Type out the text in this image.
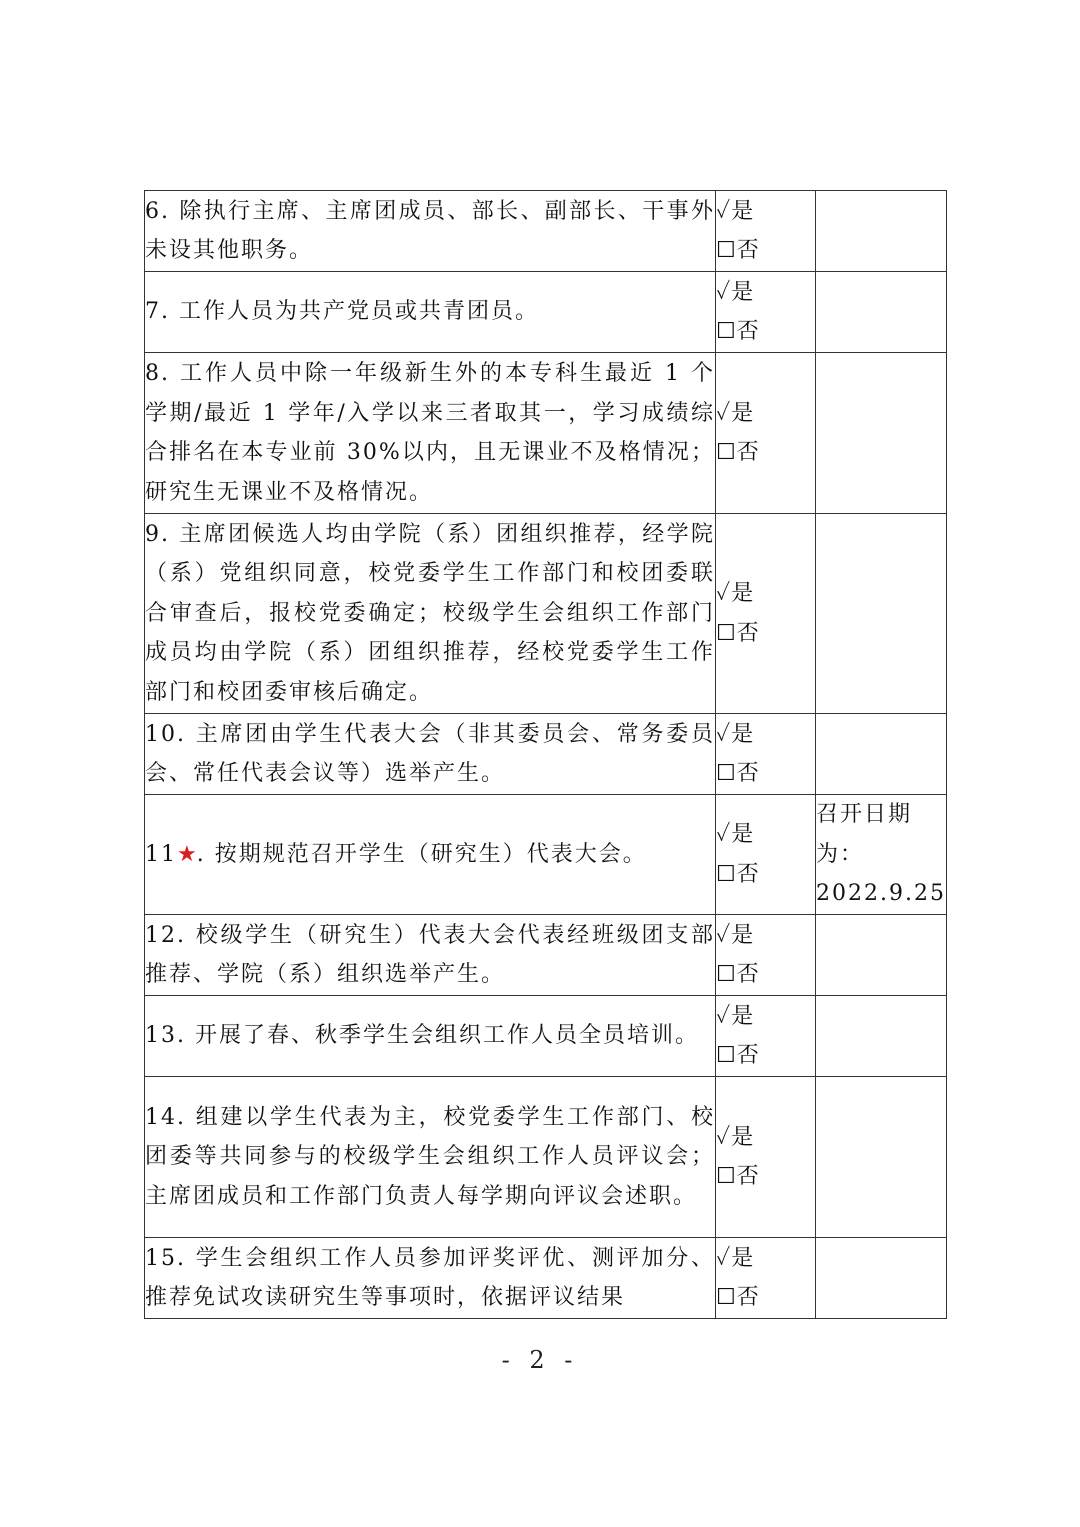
6. 除执行主席、主席团成员、部长、副部长、干事外未设其他职务。	✓是
☐否	

7. 工作人员为共产党员或共青团员。	✓是
☐否	

8. 工作人员中除一年级新生外的本专科生最近 1 个学期/最近 1 学年/入学以来三者取其一，学习成绩综合排名在本专业前 30%以内，且无课业不及格情况；研究生无课业不及格情况。	✓是
☐否	

9. 主席团候选人均由学院（系）团组织推荐，经学院（系）党组织同意，校党委学生工作部门和校团委联合审查后，报校党委确定；校级学生会组织工作部门成员均由学院（系）团组织推荐，经校党委学生工作部门和校团委审核后确定。	✓是
☐否	

10. 主席团由学生代表大会（非其委员会、常务委员会、常任代表会议等）选举产生。	✓是
☐否	

11★. 按期规范召开学生（研究生）代表大会。	✓是
☐否	召开日期为：2022.9.25
12. 校级学生（研究生）代表大会代表经班级团支部推荐、学院（系）组织选举产生。	✓是
☐否	

13. 开展了春、秋季学生会组织工作人员全员培训。	✓是
☐否	

14. 组建以学生代表为主，校党委学生工作部门、校团委等共同参与的校级学生会组织工作人员评议会；主席团成员和工作部门负责人每学期向评议会述职。	✓是
☐否	

15. 学生会组织工作人员参加评奖评优、测评加分、推荐免试攻读研究生等事项时，依据评议结果	✓是
☐否	

- 2 -
